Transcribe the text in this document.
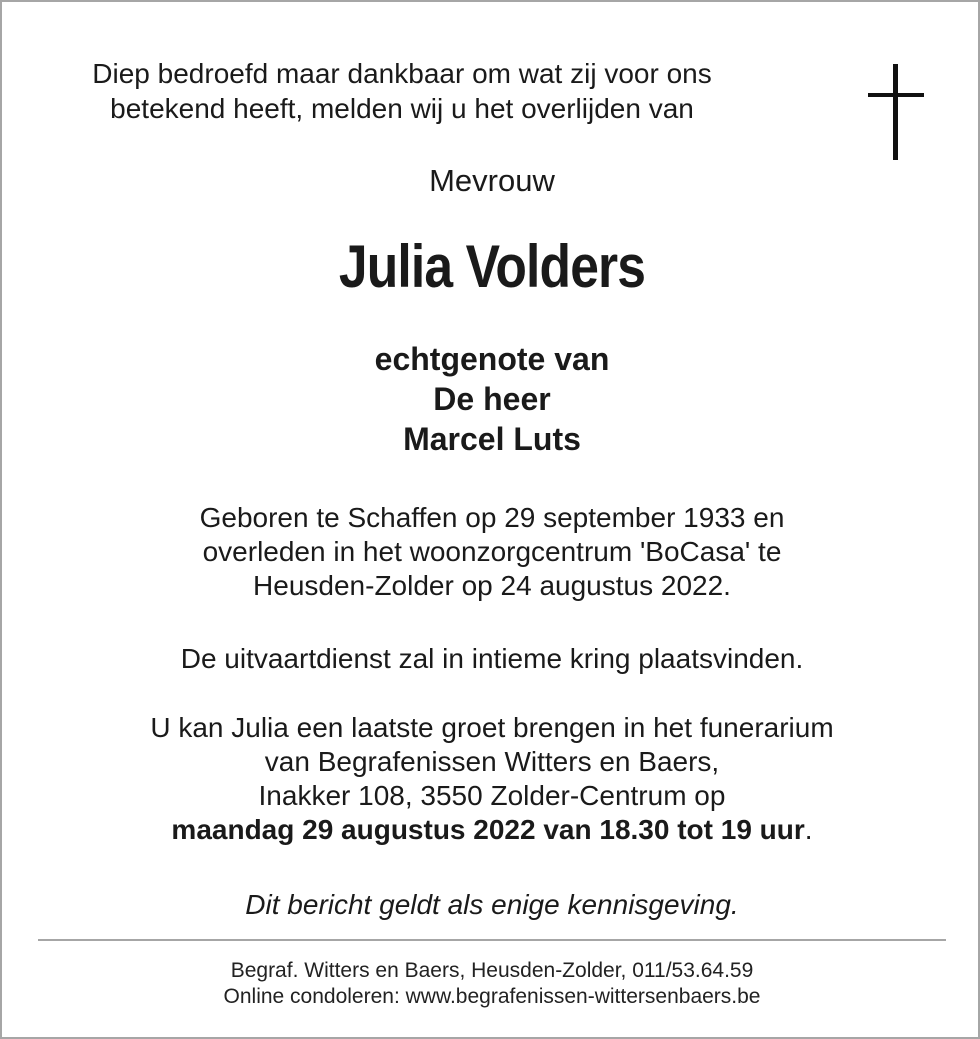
Diep bedroefd maar dankbaar om wat zij voor ons
betekend heeft, melden wij u het overlijden van
Mevrouw
Julia Volders
echtgenote van
De heer
Marcel Luts
Geboren te Schaffen op 29 september 1933 en
overleden in het woonzorgcentrum 'BoCasa' te
Heusden-Zolder op 24 augustus 2022.
De uitvaartdienst zal in intieme kring plaatsvinden.
U kan Julia een laatste groet brengen in het funerarium
van Begrafenissen Witters en Baers,
Inakker 108, 3550 Zolder-Centrum op
maandag 29 augustus 2022 van 18.30 tot 19 uur.
Dit bericht geldt als enige kennisgeving.
Begraf. Witters en Baers, Heusden-Zolder, 011/53.64.59
Online condoleren: www.begrafenissen-wittersenbaers.be
